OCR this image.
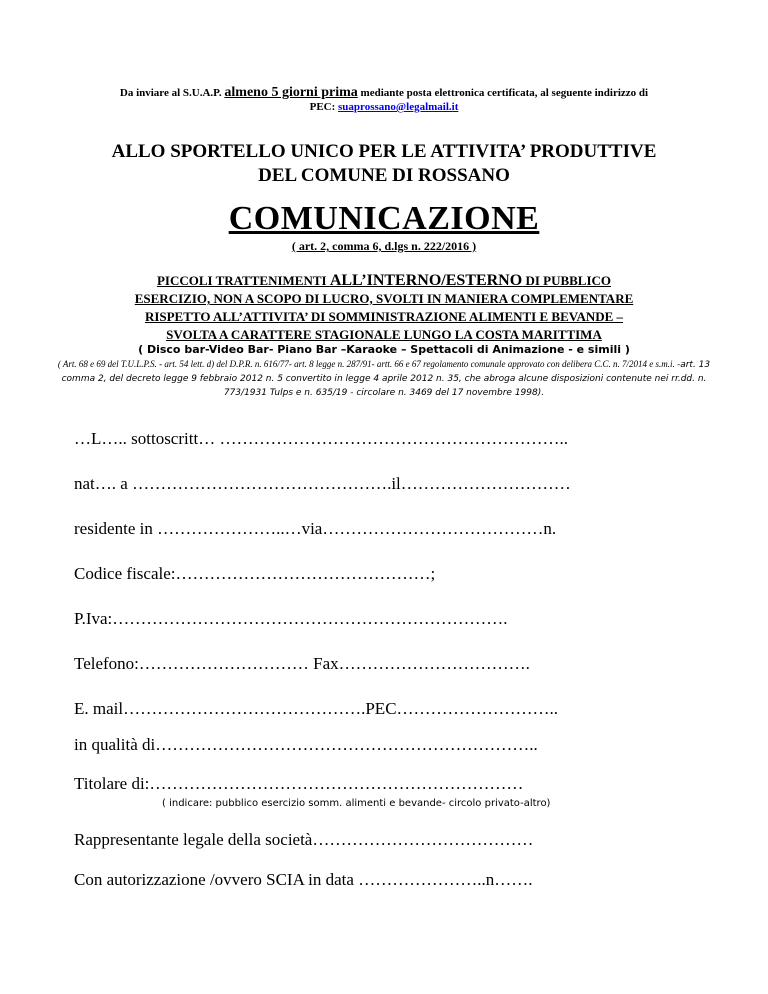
Da inviare al S.U.A.P. almeno 5 giorni prima mediante posta elettronica certificata, al seguente indirizzo di
PEC: suaprossano@legalmail.it
ALLO SPORTELLO UNICO PER LE ATTIVITA’ PRODUTTIVE
DEL COMUNE DI ROSSANO
COMUNICAZIONE
( art. 2, comma 6, d.lgs n. 222/2016 )
PICCOLI TRATTENIMENTI ALL’INTERNO/ESTERNO DI PUBBLICO
ESERCIZIO, NON A SCOPO DI LUCRO, SVOLTI IN MANIERA COMPLEMENTARE
RISPETTO ALL’ATTIVITA’ DI SOMMINISTRAZIONE ALIMENTI E BEVANDE –
SVOLTA A CARATTERE STAGIONALE LUNGO LA COSTA MARITTIMA
( Disco bar-Video Bar- Piano Bar –Karaoke – Spettacoli di Animazione - e simili )
( Art. 68 e 69 del T.U.L.P.S. - art. 54 lett. d) del D.P.R. n. 616/77- art. 8 legge n. 287/91- artt. 66 e 67 regolamento comunale approvato con delibera C.C. n. 7/2014 e s.m.i. -art. 13 comma 2, del decreto legge 9 febbraio 2012 n. 5 convertito in legge 4 aprile 2012 n. 35, che abroga alcune disposizioni contenute nei rr.dd. n. 773/1931 Tulps e n. 635/19 - circolare n. 3469 del 17 novembre 1998).
…L….. sottoscritt… ……………………………………………………..
nat…. a ……………………………………….il…………………………
residente in …………………..…via…………………………………n.
Codice fiscale:………………………………………;
P.Iva:…………………………………………………………….
Telefono:………………………… Fax…………………………….
E. mail…………………………………….PEC………………………..
in qualità di…………………………………………………………..
Titolare di:…………………………………………………………
( indicare: pubblico esercizio somm. alimenti e bevande- circolo privato-altro)
Rappresentante legale della società…………………………………
Con autorizzazione /ovvero SCIA in data …………………..n…….
